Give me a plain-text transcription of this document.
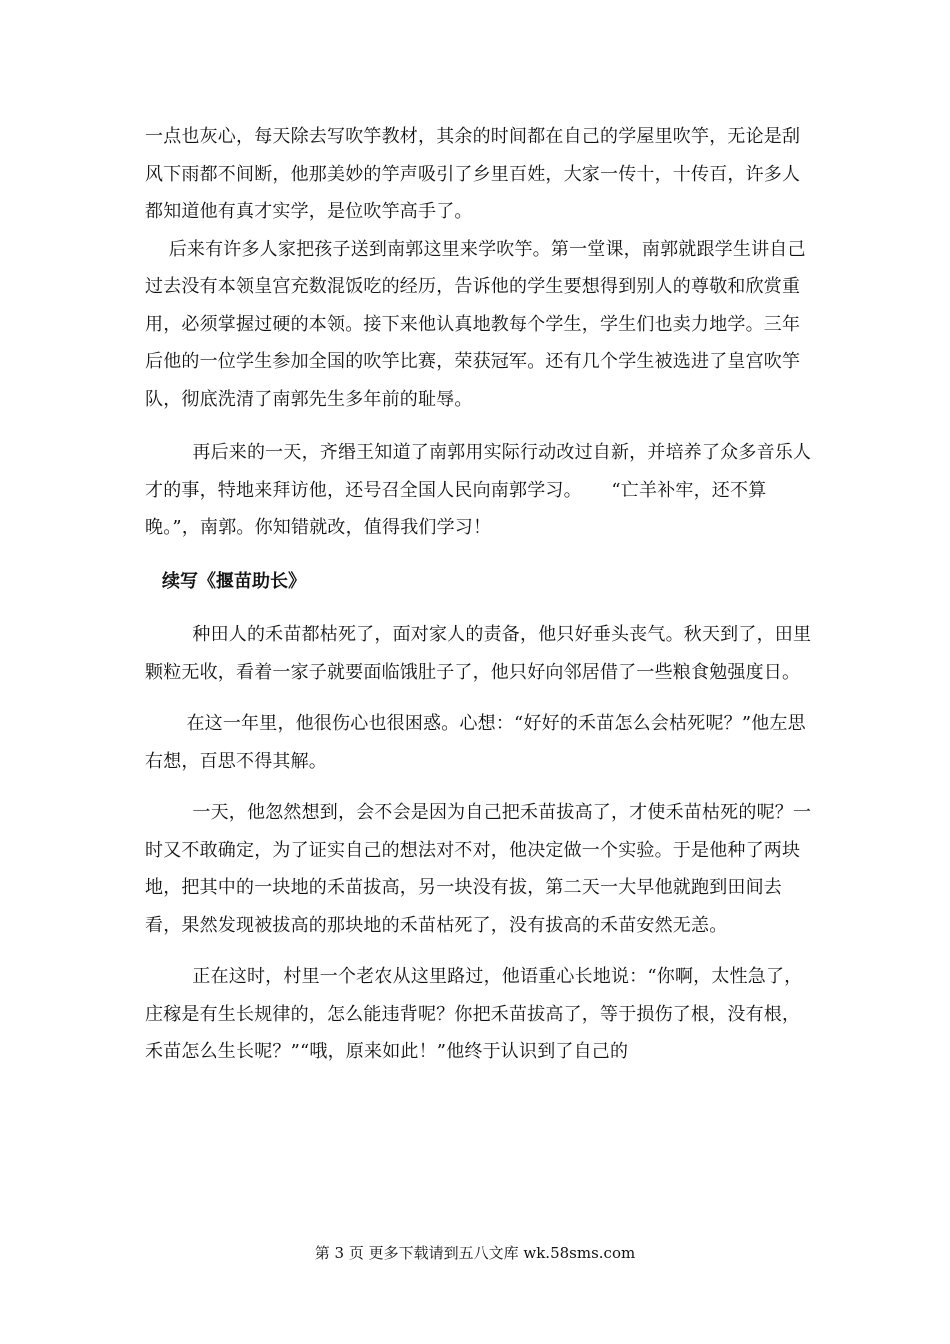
一点也灰心，每天除去写吹竽教材，其余的时间都在自己的学屋里吹竽，无论是刮风下雨都不间断，他那美妙的竽声吸引了乡里百姓，大家一传十，十传百，许多人都知道他有真才实学，是位吹竽高手了。

后来有许多人家把孩子送到南郭这里来学吹竽。第一堂课，南郭就跟学生讲自己过去没有本领皇宫充数混饭吃的经历，告诉他的学生要想得到别人的尊敬和欣赏重用，必须掌握过硬的本领。接下来他认真地教每个学生，学生们也卖力地学。三年后他的一位学生参加全国的吹竽比赛，荣获冠军。还有几个学生被选进了皇宫吹竽队，彻底洗清了南郭先生多年前的耻辱。

再后来的一天，齐缗王知道了南郭用实际行动改过自新，并培养了众多音乐人才的事，特地来拜访他，还号召全国人民向南郭学习。     “亡羊补牢，还不算晚。”，南郭。你知错就改，值得我们学习！

续写《揠苗助长》

种田人的禾苗都枯死了，面对家人的责备，他只好垂头丧气。秋天到了，田里颗粒无收，看着一家子就要面临饿肚子了，他只好向邻居借了一些粮食勉强度日。

在这一年里，他很伤心也很困惑。心想：“好好的禾苗怎么会枯死呢？”他左思右想，百思不得其解。

一天，他忽然想到，会不会是因为自己把禾苗拔高了，才使禾苗枯死的呢？一时又不敢确定，为了证实自己的想法对不对，他决定做一个实验。于是他种了两块地，把其中的一块地的禾苗拔高，另一块没有拔，第二天一大早他就跑到田间去看，果然发现被拔高的那块地的禾苗枯死了，没有拔高的禾苗安然无恙。

正在这时，村里一个老农从这里路过，他语重心长地说：“你啊，太性急了，庄稼是有生长规律的，怎么能违背呢？你把禾苗拔高了，等于损伤了根，没有根，禾苗怎么生长呢？”“哦，原来如此！”他终于认识到了自己的

第 3 页 更多下载请到五八文库 wk.58sms.com
